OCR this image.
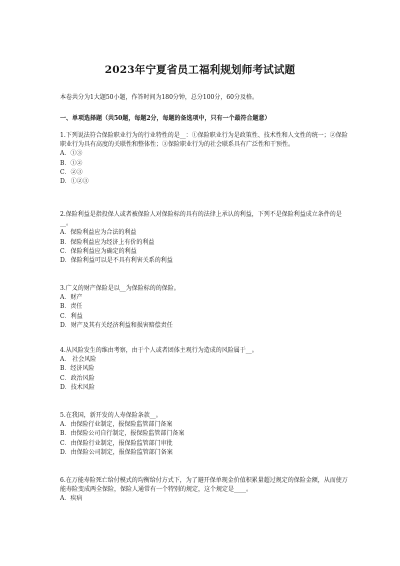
2023年宁夏省员工福利规划师考试试题
本卷共分为1大题50小题，作答时间为180分钟，总分100分，60分及格。
一、单项选择题（共50题，每题2分，每题的备选项中，只有一个最符合题意）

1.下列说法符合保险职业行为的行业特性的是__：①保险职业行为是政策性、技术性和人文性的统一；②保险职业行为具有高度的关联性和整体性；③保险职业行为的社会联系具有广泛性和干预性。

A．①③

B．①②

C．②③

D．①②③

2.保险利益是指投保人或者被保险人对保险标的具有的法律上承认的利益，下列不是保险利益成立条件的是__。

A．保险利益应为合法的利益

B．保险利益应为经济上有价的利益

C．保险利益应为确定的利益

D．保险利益可以是不具有利害关系的利益

3.广义的财产保险是以__为保险标的的保险。

A．财产

B．责任

C．利益

D．财产及其有关经济利益和损害赔偿责任

4.从风险发生的维由考察，由于个人或者团体主观行为造成的风险属于__。

A． 社会风险

B．经济风险

C．政治风险

D．技术风险

5.在我国，新开发的人寿保险条款__。

A．由保险行业制定，报保险监管部门备案

B．由保险公司自行制定，报保险监管部门备案

C．由保险行业制定，报保险监管部门审批

D．由保险公司制定，报保险监管部门备案

6.在万能寿险死亡给付模式的均衡给付方式下，为了避开保单现金价值积累量超过规定的保险金额，从而使万能寿险变成两全保险，保险人通常有一个特别的规定，这个规定是____。

A．疾病
